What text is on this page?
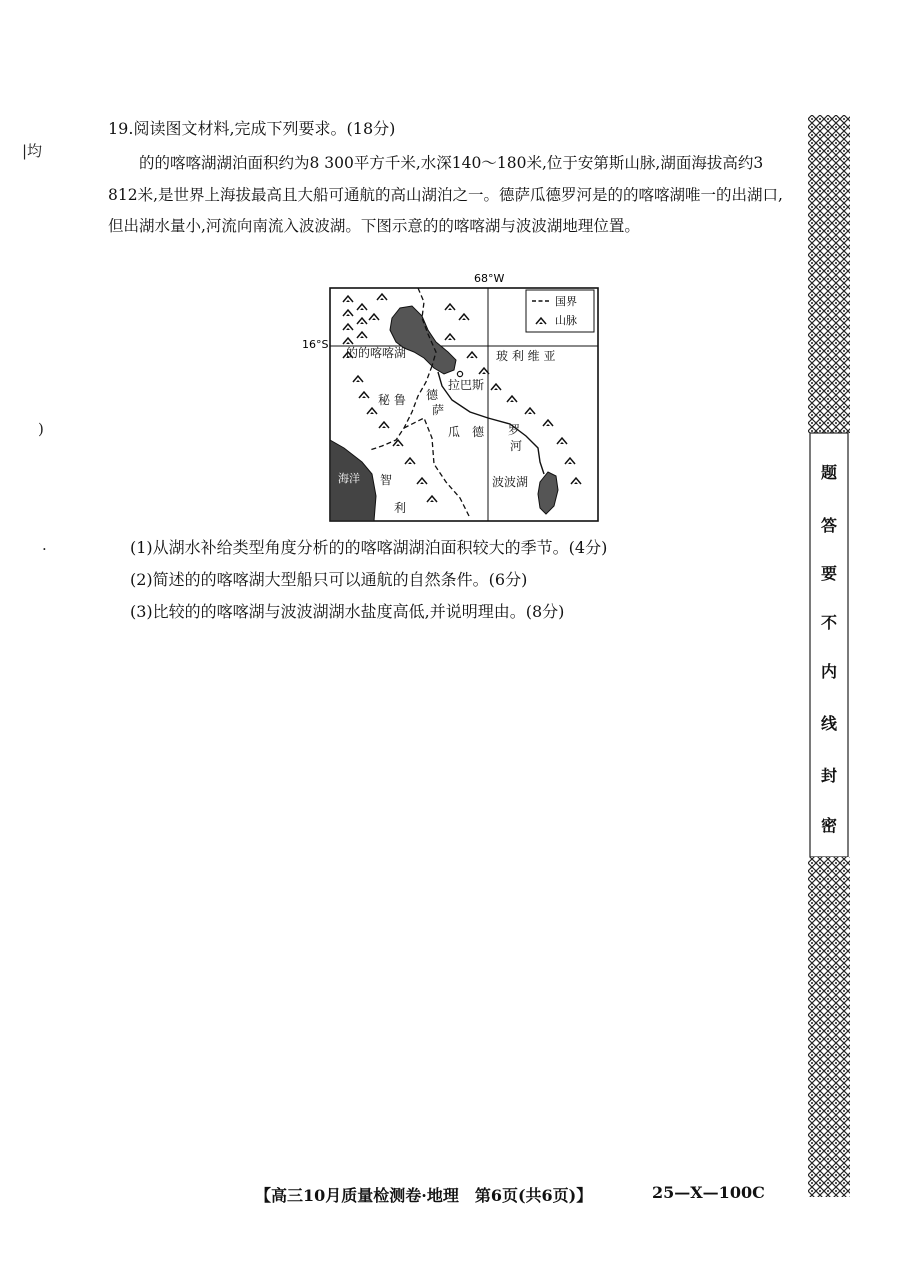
|均
)
·
19.阅读图文材料,完成下列要求。(18分)

的的喀喀湖湖泊面积约为8 300平方千米,水深140～180米,位于安第斯山脉,湖面海拔高约3 812米,是世界上海拔最高且大船可通航的高山湖泊之一。德萨瓜德罗河是的的喀喀湖唯一的出湖口,但出湖水量小,河流向南流入波波湖。下图示意的的喀喀湖与波波湖地理位置。

国界
山脉
68°W
16°S
的的喀喀湖	玻 利 维 亚
拉巴斯
秘 鲁 德
萨
瓜 德 罗
河
智
利
波波湖
海洋
(1)从湖水补给类型角度分析的的喀喀湖湖泊面积较大的季节。(4分)
(2)简述的的喀喀湖大型船只可以通航的自然条件。(6分)
(3)比较的的喀喀湖与波波湖湖水盐度高低,并说明理由。(8分)
【高三10月质量检测卷·地理　第6页(共6页)】	25—X—100C
题
答
要
不
内
线
封
密
